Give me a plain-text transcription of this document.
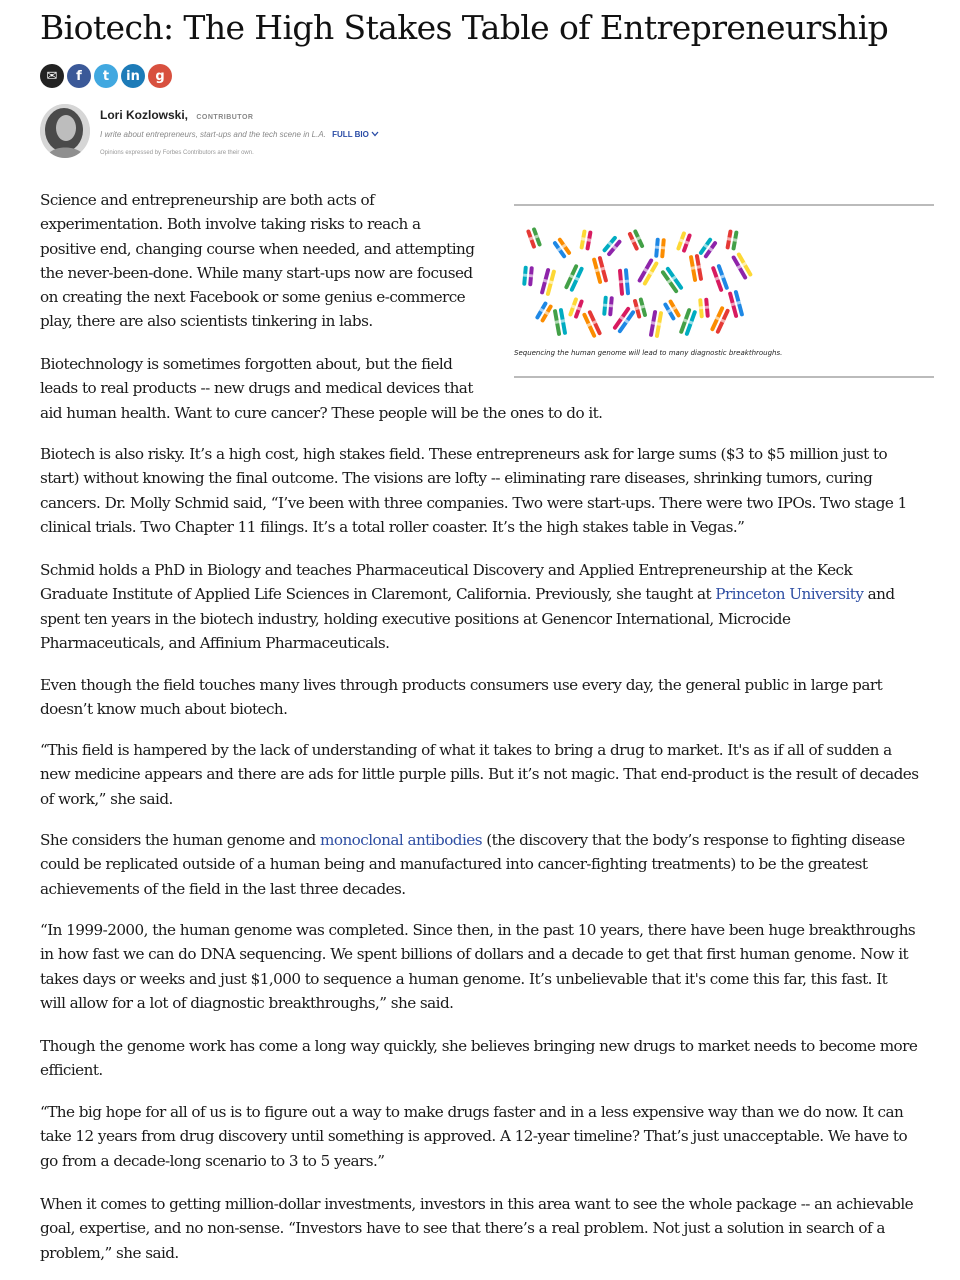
Biotech: The High Stakes Table of Entrepreneurship
✉	f	t	in	g
Lori Kozlowski, CONTRIBUTOR
I write about entrepreneurs, start-ups and the tech scene in L.A. FULL BIO
Opinions expressed by Forbes Contributors are their own.
Sequencing the human genome will lead to many diagnostic breakthroughs.
Science and entrepreneurship are both acts of
experimentation. Both involve taking risks to reach a
positive end, changing course when needed, and attempting
the never-been-done. While many start-ups now are focused
on creating the next Facebook or some genius e-commerce
play, there are also scientists tinkering in labs.
Biotechnology is sometimes forgotten about, but the field
leads to real products -- new drugs and medical devices that
aid human health. Want to cure cancer? These people will be the ones to do it.
Biotech is also risky. It’s a high cost, high stakes field. These entrepreneurs ask for large sums ($3 to $5 million just to
start) without knowing the final outcome. The visions are lofty -- eliminating rare diseases, shrinking tumors, curing
cancers. Dr. Molly Schmid said, “I’ve been with three companies. Two were start-ups. There were two IPOs. Two stage 1
clinical trials. Two Chapter 11 filings. It’s a total roller coaster. It’s the high stakes table in Vegas.”
Schmid holds a PhD in Biology and teaches Pharmaceutical Discovery and Applied Entrepreneurship at the Keck
Graduate Institute of Applied Life Sciences in Claremont, California. Previously, she taught at Princeton University and
spent ten years in the biotech industry, holding executive positions at Genencor International, Microcide
Pharmaceuticals, and Affinium Pharmaceuticals.
Even though the field touches many lives through products consumers use every day, the general public in large part
doesn’t know much about biotech.
“This field is hampered by the lack of understanding of what it takes to bring a drug to market. It's as if all of sudden a
new medicine appears and there are ads for little purple pills. But it’s not magic. That end-product is the result of decades
of work,” she said.
She considers the human genome and monoclonal antibodies (the discovery that the body’s response to fighting disease
could be replicated outside of a human being and manufactured into cancer-fighting treatments) to be the greatest
achievements of the field in the last three decades.
“In 1999-2000, the human genome was completed. Since then, in the past 10 years, there have been huge breakthroughs
in how fast we can do DNA sequencing. We spent billions of dollars and a decade to get that first human genome. Now it
takes days or weeks and just $1,000 to sequence a human genome. It’s unbelievable that it's come this far, this fast. It
will allow for a lot of diagnostic breakthroughs,” she said.
Though the genome work has come a long way quickly, she believes bringing new drugs to market needs to become more
efficient.
“The big hope for all of us is to figure out a way to make drugs faster and in a less expensive way than we do now. It can
take 12 years from drug discovery until something is approved. A 12-year timeline? That’s just unacceptable. We have to
go from a decade-long scenario to 3 to 5 years.”
When it comes to getting million-dollar investments, investors in this area want to see the whole package -- an achievable
goal, expertise, and no non-sense. “Investors have to see that there’s a real problem. Not just a solution in search of a
problem,” she said.
